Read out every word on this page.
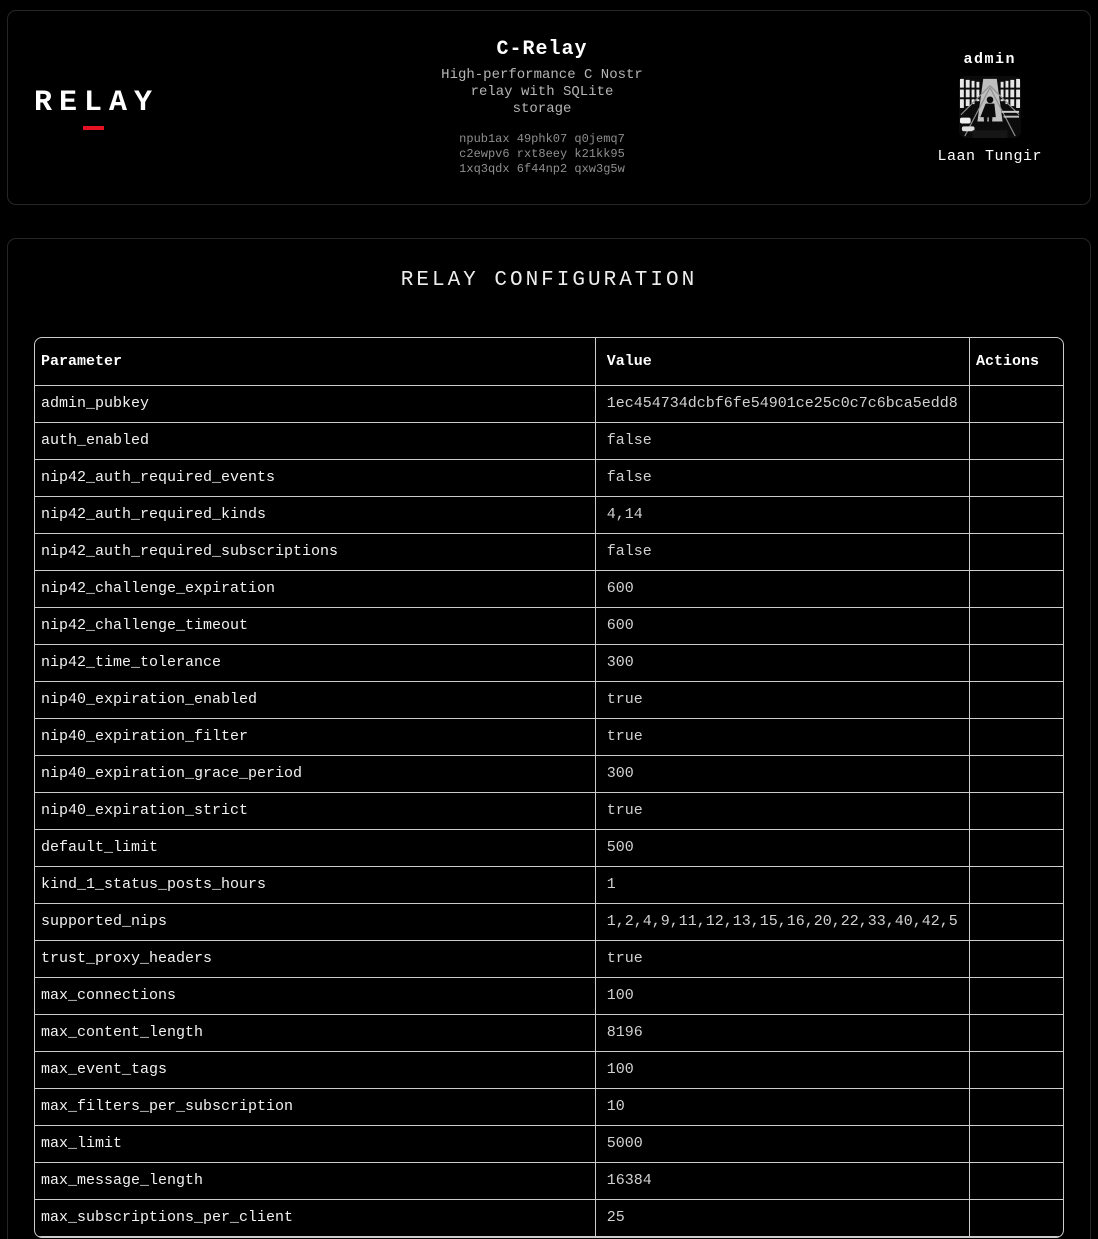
RELAY
C-Relay
High-performance C Nostr relay with SQLite storage
npub1ax 49phk07 q0jemq7
c2ewpv6 rxt8eey k21kk95
1xq3qdx 6f44np2 qxw3g5w
admin
Laan Tungir
RELAY CONFIGURATION
Parameter	Value	Actions
admin_pubkey	1ec454734dcbf6fe54901ce25c0c7c6bca5edd8	
auth_enabled	false	
nip42_auth_required_events	false	
nip42_auth_required_kinds	4,14	
nip42_auth_required_subscriptions	false	
nip42_challenge_expiration	600	
nip42_challenge_timeout	600	
nip42_time_tolerance	300	
nip40_expiration_enabled	true	
nip40_expiration_filter	true	
nip40_expiration_grace_period	300	
nip40_expiration_strict	true	
default_limit	500	
kind_1_status_posts_hours	1	
supported_nips	1,2,4,9,11,12,13,15,16,20,22,33,40,42,5	
trust_proxy_headers	true	
max_connections	100	
max_content_length	8196	
max_event_tags	100	
max_filters_per_subscription	10	
max_limit	5000	
max_message_length	16384	
max_subscriptions_per_client	25	
